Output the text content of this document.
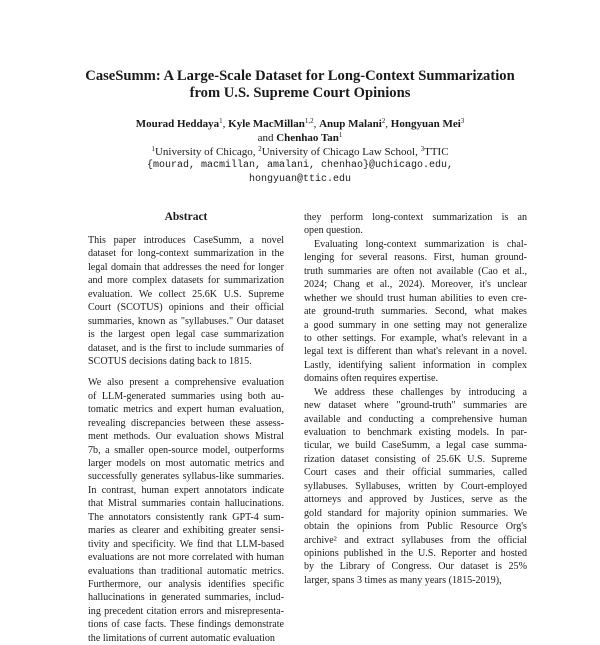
CaseSumm: A Large-Scale Dataset for Long-Context Summarization
from U.S. Supreme Court Opinions
Mourad Heddaya$^1$, Kyle MacMillan$^{1,2}$, Anup Malani$^2$, Hongyuan Mei$^3$
and Chenhao Tan$^1$
$^1$University of Chicago, $^2$University of Chicago Law School, $^3$TTIC
{mourad, macmillan, amalani, chenhao}@uchicago.edu,
hongyuan@ttic.edu
Abstract
This paper introduces CaseSumm, a novel
dataset for long-context summarization in the
legal domain that addresses the need for longer
and more complex datasets for summarization
evaluation. We collect 25.6K U.S. Supreme
Court (SCOTUS) opinions and their official
summaries, known as "syllabuses." Our dataset
is the largest open legal case summarization
dataset, and is the first to include summaries of
SCOTUS decisions dating back to 1815.
We also present a comprehensive evaluation
of LLM-generated summaries using both au-
tomatic metrics and expert human evaluation,
revealing discrepancies between these assess-
ment methods. Our evaluation shows Mistral
7b, a smaller open-source model, outperforms
larger models on most automatic metrics and
successfully generates syllabus-like summaries.
In contrast, human expert annotators indicate
that Mistral summaries contain hallucinations.
The annotators consistently rank GPT-4 sum-
maries as clearer and exhibiting greater sensi-
tivity and specificity. We find that LLM-based
evaluations are not more correlated with human
evaluations than traditional automatic metrics.
Furthermore, our analysis identifies specific
hallucinations in generated summaries, includ-
ing precedent citation errors and misrepresenta-
tions of case facts. These findings demonstrate
the limitations of current automatic evaluation
they perform long-context summarization is an
open question.
Evaluating long-context summarization is chal-
lenging for several reasons. First, human ground-
truth summaries are often not available (Cao et al.,
2024; Chang et al., 2024). Moreover, it's unclear
whether we should trust human abilities to even cre-
ate ground-truth summaries. Second, what makes
a good summary in one setting may not generalize
to other settings. For example, what's relevant in a
legal text is different than what's relevant in a novel.
Lastly, identifying salient information in complex
domains often requires expertise.
We address these challenges by introducing a
new dataset where "ground-truth" summaries are
available and conducting a comprehensive human
evaluation to benchmark existing models. In par-
ticular, we build CaseSumm, a legal case summa-
rization dataset consisting of 25.6K U.S. Supreme
Court cases and their official summaries, called
syllabuses. Syllabuses, written by Court-employed
attorneys and approved by Justices, serve as the
gold standard for majority opinion summaries. We
obtain the opinions from Public Resource Org's
archive² and extract syllabuses from the official
opinions published in the U.S. Reporter and hosted
by the Library of Congress. Our dataset is 25%
larger, spans 3 times as many years (1815-2019),
